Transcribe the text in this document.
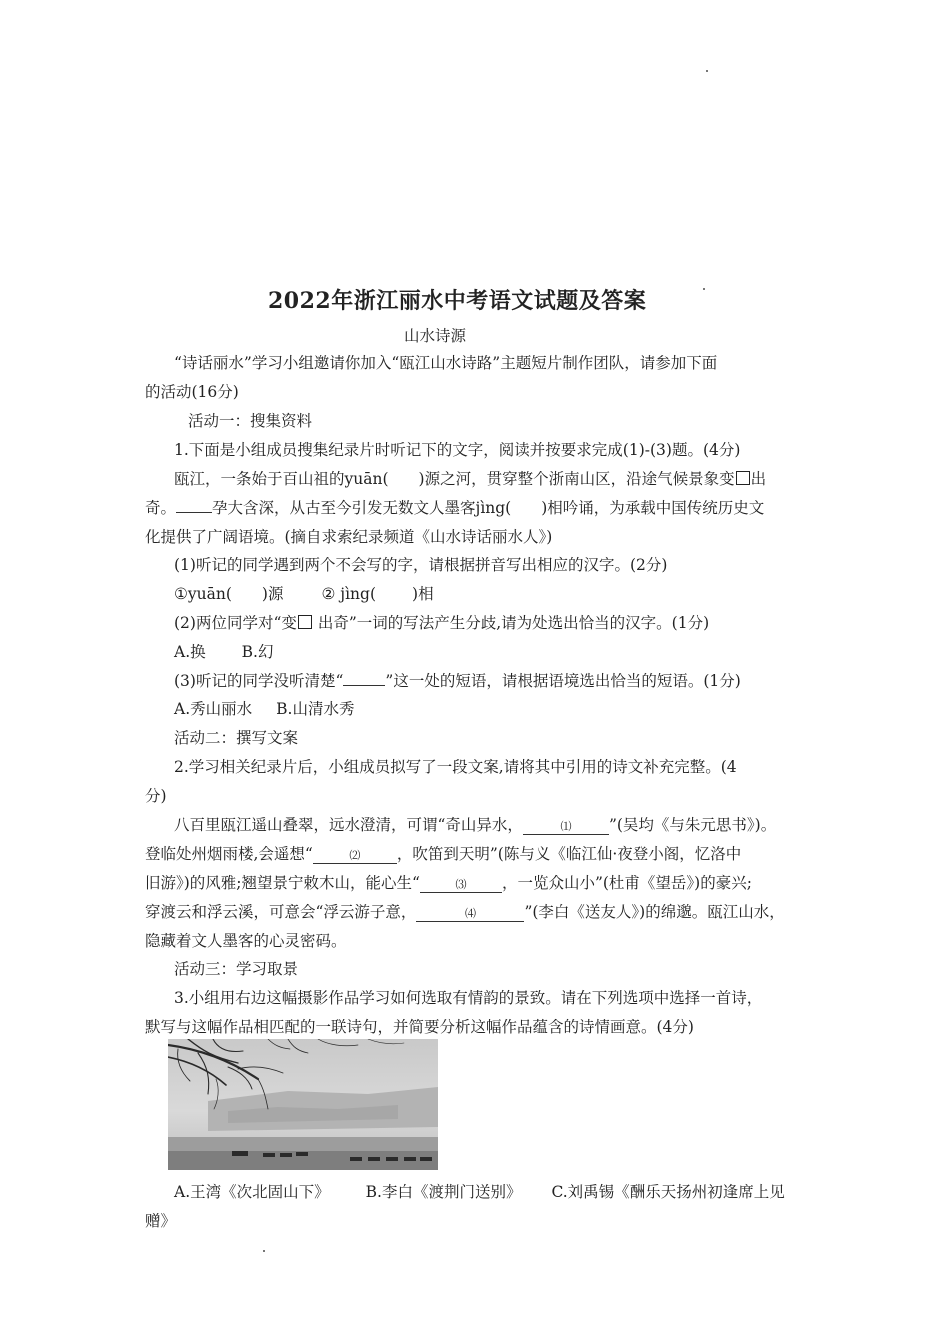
2022年浙江丽水中考语文试题及答案
山水诗源
“诗话丽水”学习小组邀请你加入“瓯江山水诗路”主题短片制作团队，请参加下面
的活动(16分)
活动一：搜集资料
1.下面是小组成员搜集纪录片时听记下的文字，阅读并按要求完成(1)-(3)题。(4分)
瓯江，一条始于百山祖的yuān( )源之河，贯穿整个浙南山区，沿途气候景象变 出
奇。 孕大含深，从古至今引发无数文人墨客jìng( )相吟诵，为承载中国传统历史文
化提供了广阔语境。(摘自求索纪录频道《山水诗话丽水人》)
(1)听记的同学遇到两个不会写的字，请根据拼音写出相应的汉字。(2分)
①yuān( )源 ② jìng( )相
(2)两位同学对“变 出奇”一词的写法产生分歧,请为处选出恰当的汉字。(1分)
A.换 B.幻
(3)听记的同学没听清楚“	”这一处的短语，请根据语境选出恰当的短语。(1分)
A.秀山丽水 B.山清水秀
活动二：撰写文案
2.学习相关纪录片后，小组成员拟写了一段文案,请将其中引用的诗文补充完整。(4
分)
八百里瓯江遥山叠翠，远水澄清，可谓“奇山异水，	⑴ ”(吴均《与朱元思书》)。
登临处州烟雨楼,会遥想“	⑵ ，吹笛到天明”(陈与义《临江仙·夜登小阁，忆洛中
旧游》)的风雅;翘望景宁敕木山，能心生“	⑶ ，一览众山小”(杜甫《望岳》)的豪兴;
穿渡云和浮云溪，可意会“浮云游子意，	⑷	”(李白《送友人》)的绵邈。瓯江山水，
隐藏着文人墨客的心灵密码。
活动三：学习取景
3.小组用右边这幅摄影作品学习如何选取有情韵的景致。请在下列选项中选择一首诗，
默写与这幅作品相匹配的一联诗句，并简要分析这幅作品蕴含的诗情画意。(4分)
A.王湾《次北固山下》 B.李白《渡荆门送别》 C.刘禹锡《酬乐天扬州初逢席上见
赠》
